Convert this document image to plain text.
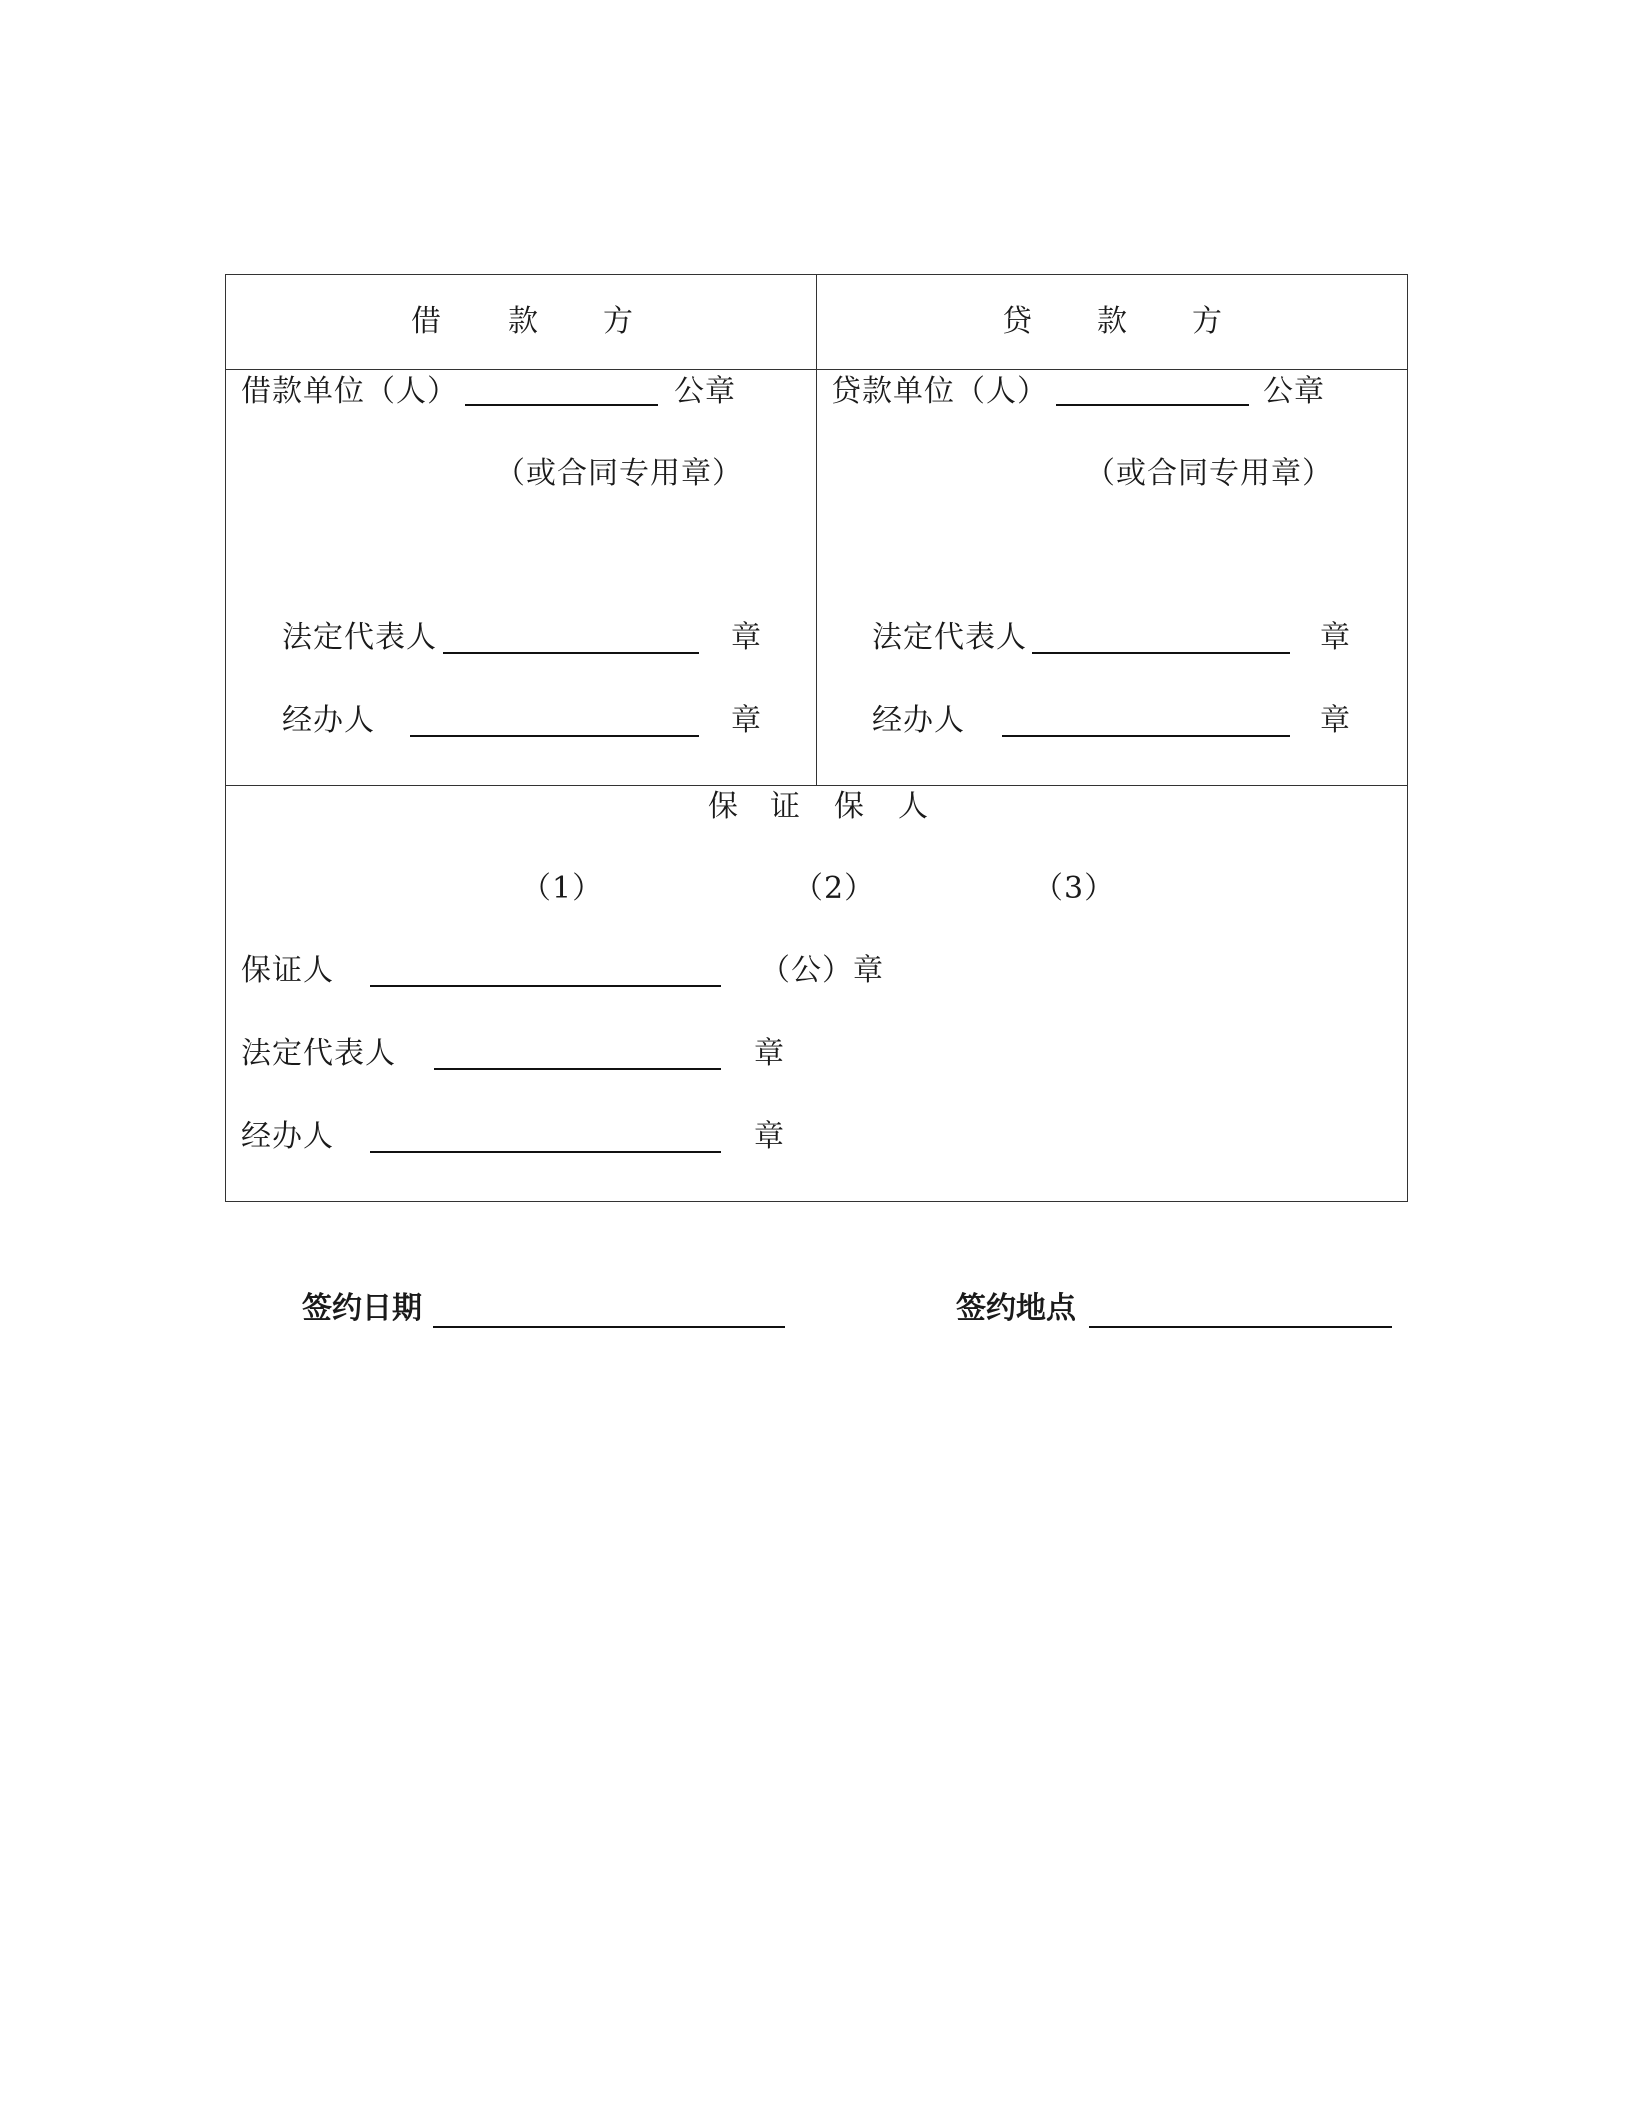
借 款 方	贷 款 方
借款单位（人）	公章
（或合同专用章）
法定代表人	章
经办人	章
贷款单位（人）	公章
（或合同专用章）
法定代表人	章
经办人	章
保 证 保 人
（1）	（2）	（3）
保证人	（公）章
法定代表人	章
经办人	章
签约日期	签约地点
